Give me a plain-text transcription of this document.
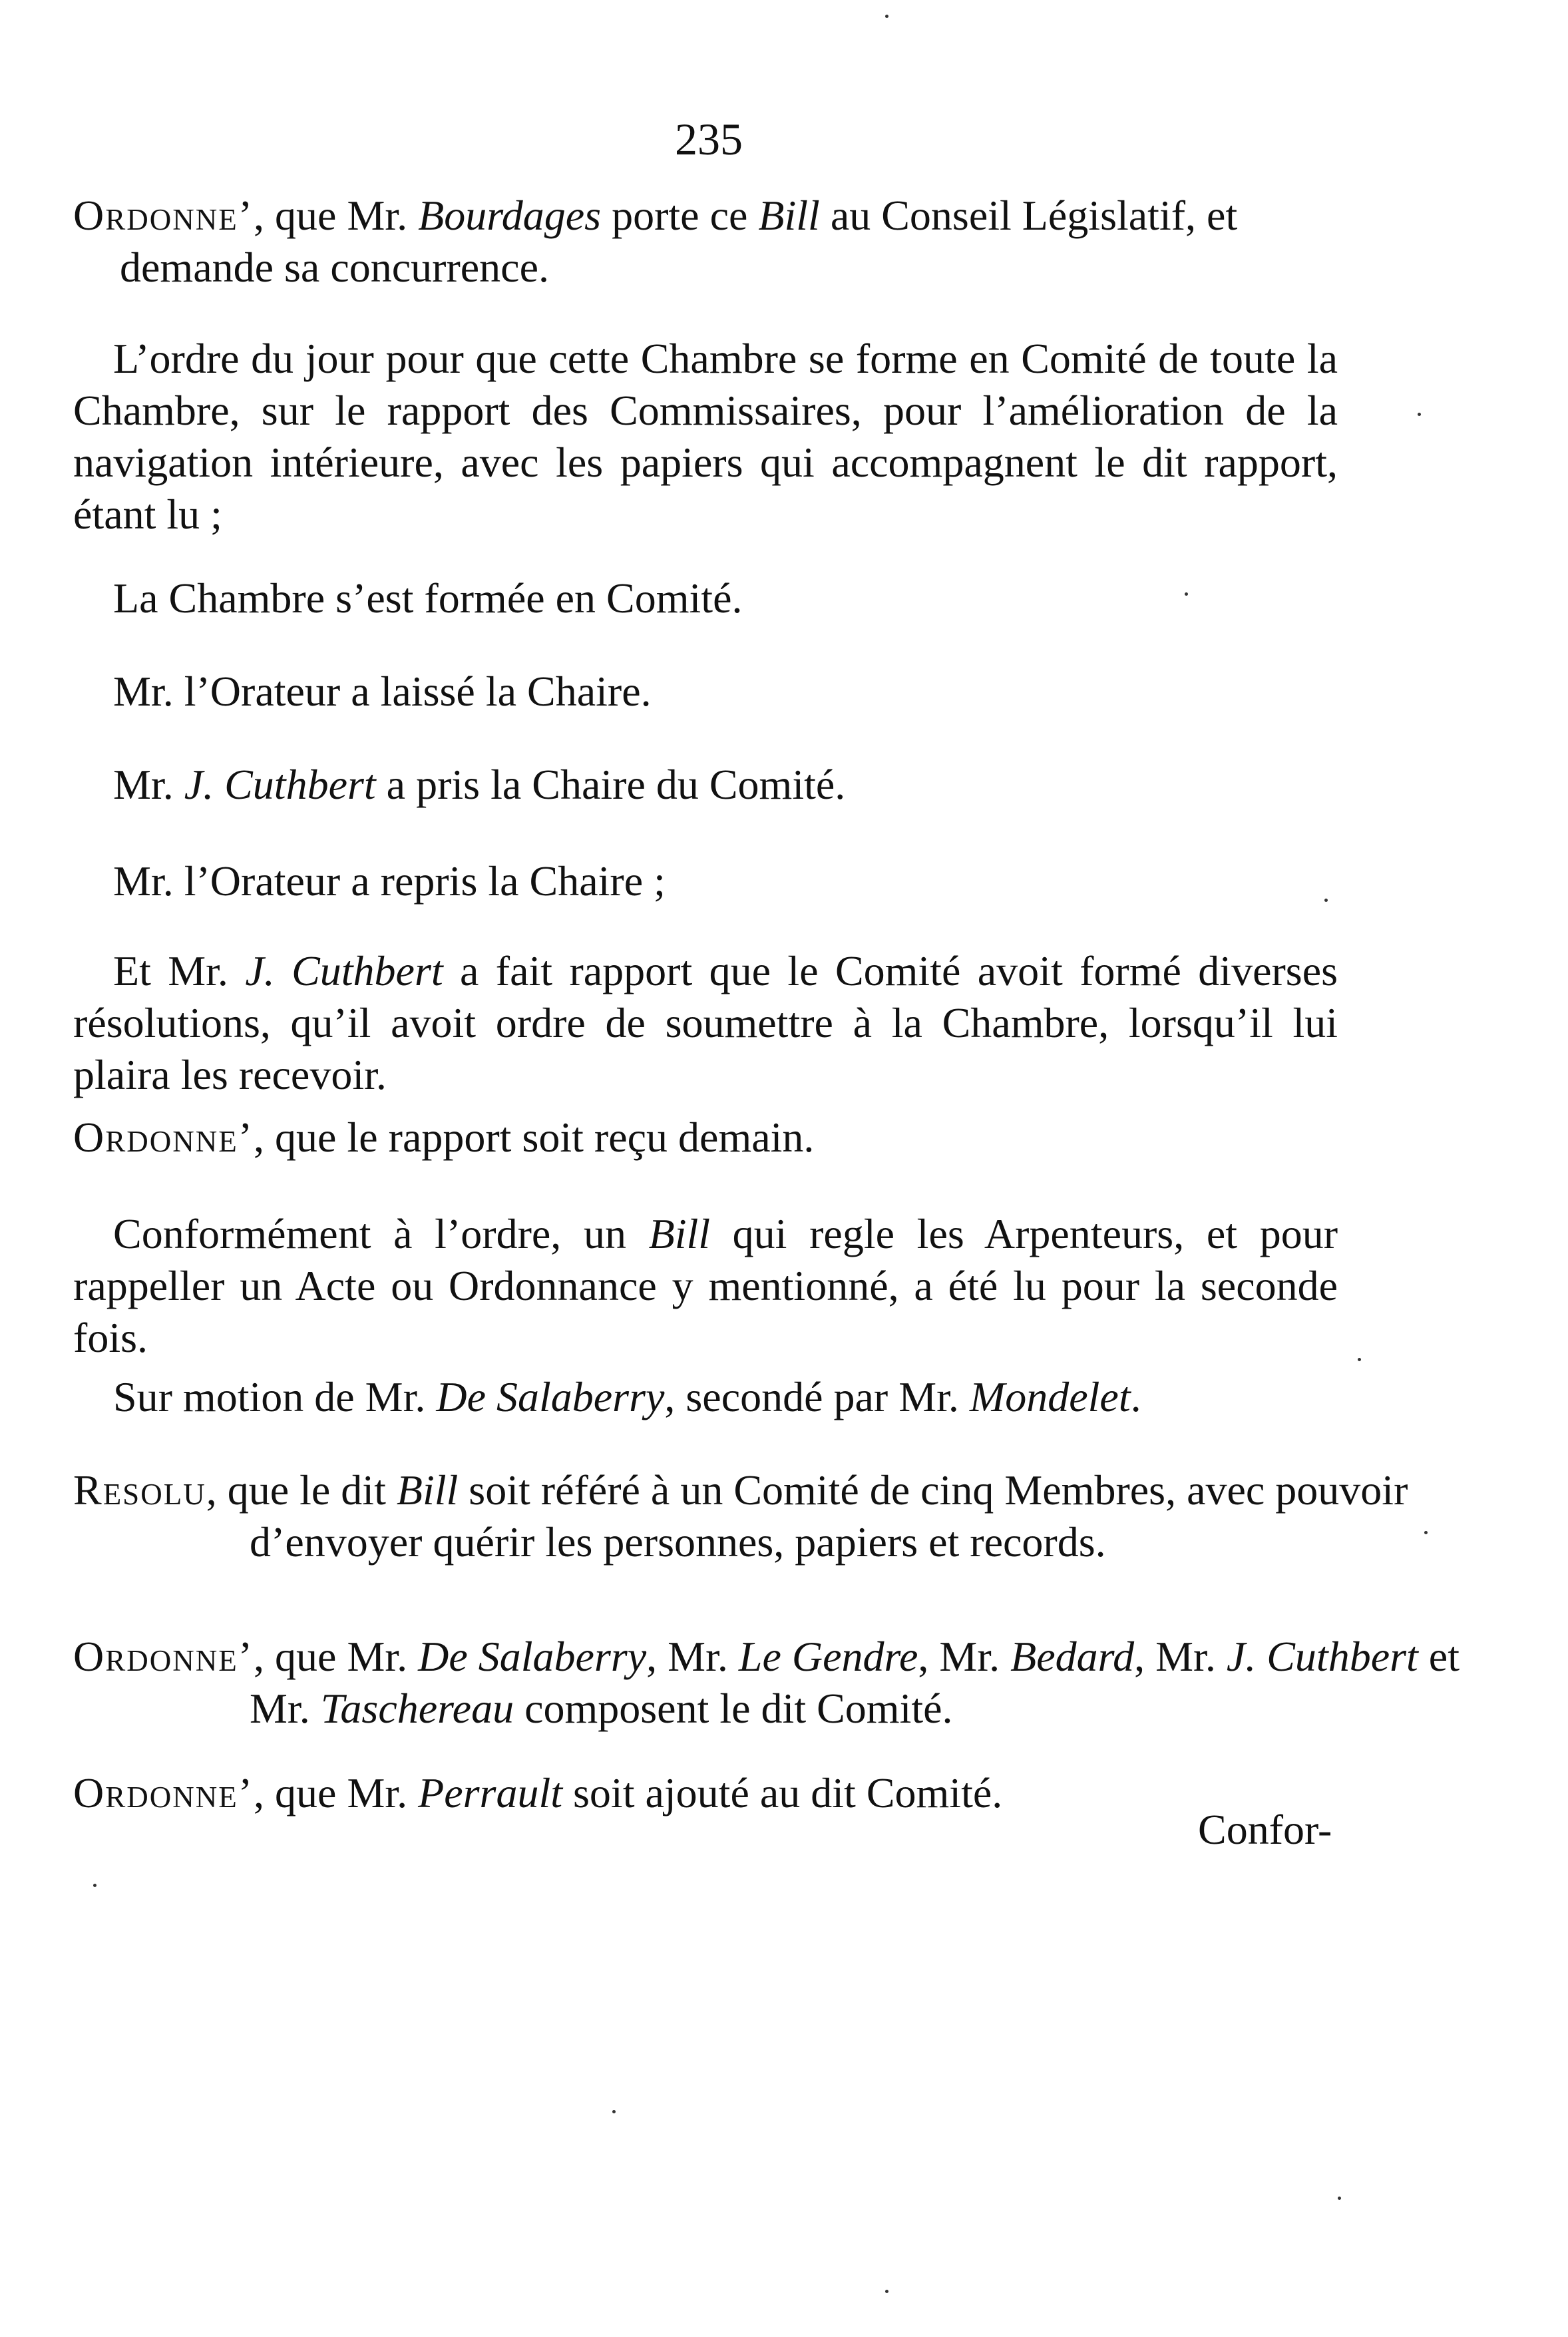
235
Ordonne’, que Mr. Bourdages porte ce Bill au Conseil Législatif, et demande sa concurrence.
L’ordre du jour pour que cette Chambre se forme en Comité de toute la Chambre, sur le rapport des Commissaires, pour l’amélioration de la navigation intérieure, avec les papiers qui accompagnent le dit rapport, étant lu ;
La Chambre s’est formée en Comité.
Mr. l’Orateur a laissé la Chaire.
Mr. J. Cuthbert a pris la Chaire du Comité.
Mr. l’Orateur a repris la Chaire ;
Et Mr. J. Cuthbert a fait rapport que le Comité avoit formé diverses résolutions, qu’il avoit ordre de soumettre à la Chambre, lorsqu’il lui plaira les recevoir.
Ordonne’, que le rapport soit reçu demain.
Conformément à l’ordre, un Bill qui regle les Arpenteurs, et pour rappeller un Acte ou Ordonnance y mentionné, a été lu pour la seconde fois.
Sur motion de Mr. De Salaberry, secondé par Mr. Mondelet.
Resolu, que le dit Bill soit référé à un Comité de cinq Membres, avec pouvoir d’envoyer quérir les personnes, papiers et records.
Ordonne’, que Mr. De Salaberry, Mr. Le Gendre, Mr. Bedard, Mr. J. Cuthbert et Mr. Taschereau composent le dit Comité.
Ordonne’, que Mr. Perrault soit ajouté au dit Comité.
Confor-
